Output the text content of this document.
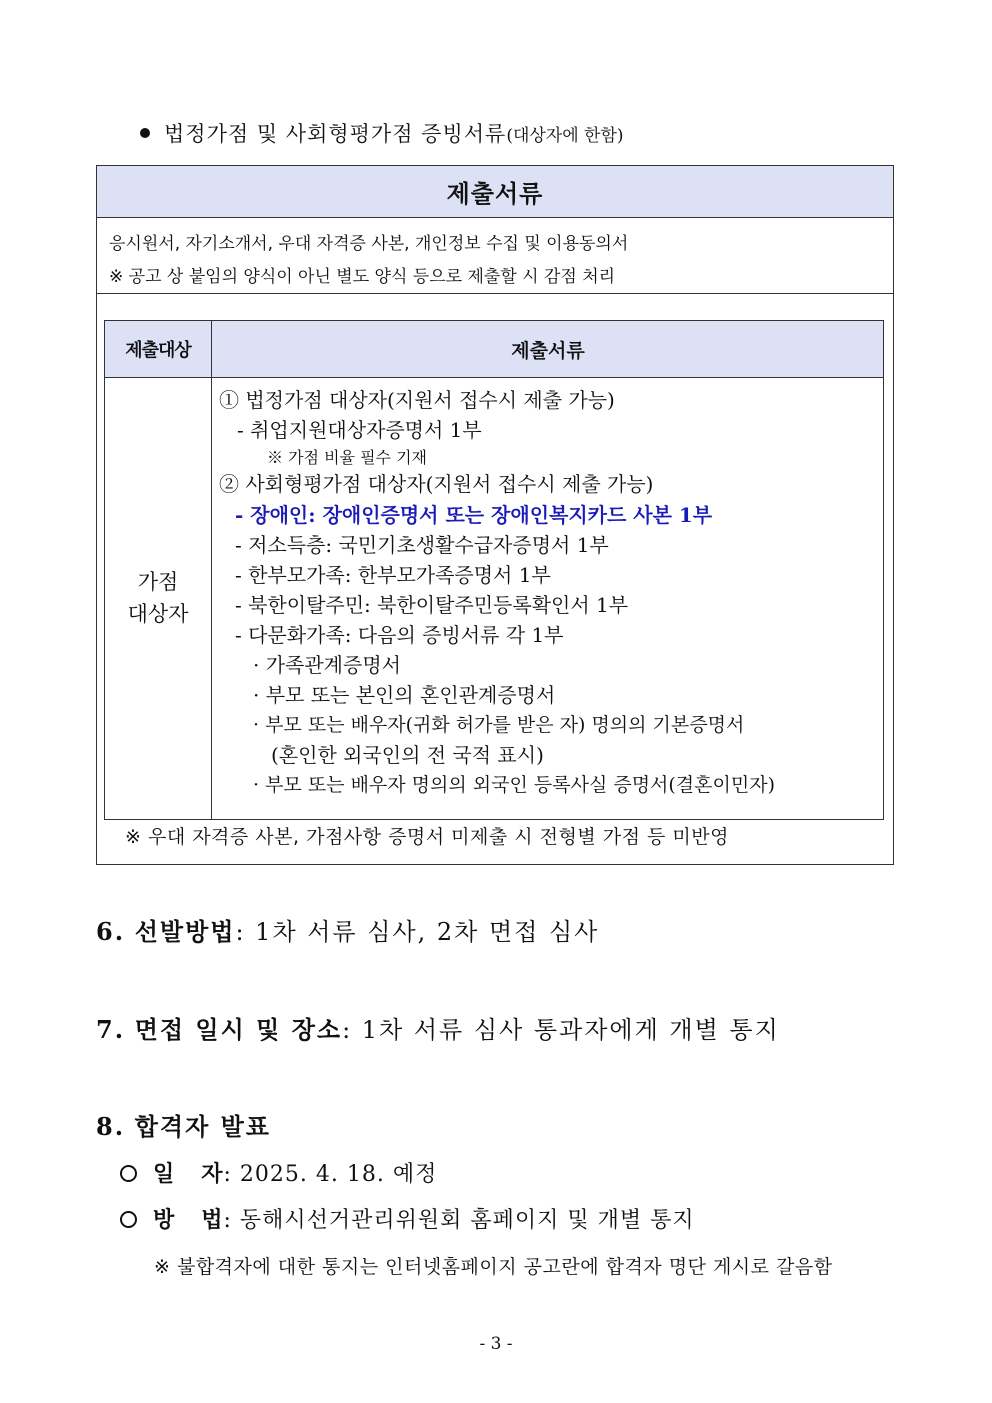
법정가점 및 사회형평가점 증빙서류(대상자에 한함)
제출서류
응시원서, 자기소개서, 우대 자격증 사본, 개인정보 수집 및 이용동의서
※ 공고 상 붙임의 양식이 아닌 별도 양식 등으로 제출할 시 감점 처리
제출대상	제출서류
가점
대상자
① 법정가점 대상자(지원서 접수시 제출 가능)
- 취업지원대상자증명서 1부
※ 가점 비율 필수 기재
② 사회형평가점 대상자(지원서 접수시 제출 가능)
- 장애인: 장애인증명서 또는 장애인복지카드 사본 1부
- 저소득층: 국민기초생활수급자증명서 1부
- 한부모가족: 한부모가족증명서 1부
- 북한이탈주민: 북한이탈주민등록확인서 1부
- 다문화가족: 다음의 증빙서류 각 1부
· 가족관계증명서
· 부모 또는 본인의 혼인관계증명서
· 부모 또는 배우자(귀화 허가를 받은 자) 명의의 기본증명서
(혼인한 외국인의 전 국적 표시)
· 부모 또는 배우자 명의의 외국인 등록사실 증명서(결혼이민자)
※ 우대 자격증 사본, 가점사항 증명서 미제출 시 전형별 가점 등 미반영
6. 선발방법: 1차 서류 심사, 2차 면접 심사
7. 면접 일시 및 장소: 1차 서류 심사 통과자에게 개별 통지
8. 합격자 발표
일   자: 2025. 4. 18. 예정
방   법: 동해시선거관리위원회 홈페이지 및 개별 통지
※ 불합격자에 대한 통지는 인터넷홈페이지 공고란에 합격자 명단 게시로 갈음함
- 3 -
